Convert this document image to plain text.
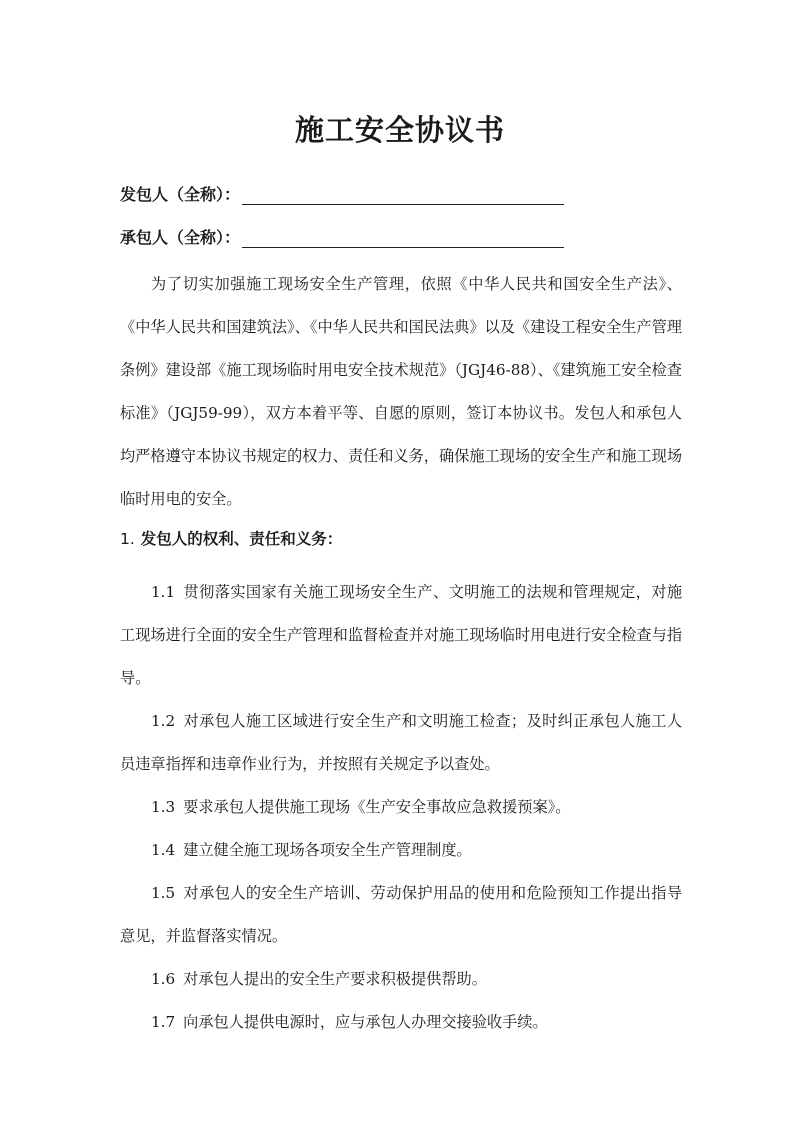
施工安全协议书
发包人（全称）：
承包人（全称）：

为了切实加强施工现场安全生产管理，依照《中华人民共和国安全生产法》、《中华人民共和国建筑法》、《中华人民共和国民法典》以及《建设工程安全生产管理条例》建设部《施工现场临时用电安全技术规范》（JGJ46-88）、《建筑施工安全检查标准》（JGJ59-99），双方本着平等、自愿的原则，签订本协议书。发包人和承包人均严格遵守本协议书规定的权力、责任和义务，确保施工现场的安全生产和施工现场临时用电的安全。

1. 发包人的权利、责任和义务：

1.1 贯彻落实国家有关施工现场安全生产、文明施工的法规和管理规定，对施工现场进行全面的安全生产管理和监督检查并对施工现场临时用电进行安全检查与指导。

1.2 对承包人施工区域进行安全生产和文明施工检查；及时纠正承包人施工人员违章指挥和违章作业行为，并按照有关规定予以查处。

1.3 要求承包人提供施工现场《生产安全事故应急救援预案》。

1.4 建立健全施工现场各项安全生产管理制度。

1.5 对承包人的安全生产培训、劳动保护用品的使用和危险预知工作提出指导意见，并监督落实情况。

1.6 对承包人提出的安全生产要求积极提供帮助。

1.7 向承包人提供电源时，应与承包人办理交接验收手续。
